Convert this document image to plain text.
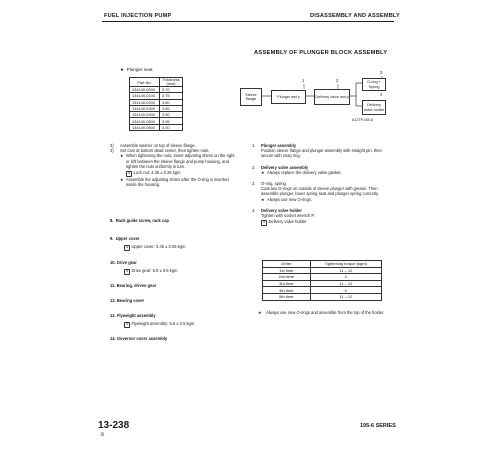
FUEL INJECTION PUMP	DISASSEMBLY AND ASSEMBLY
ASSEMBLY OF PLUNGER BLOCK ASSEMBLY
★  Plunger seat
Part No.	Thickness (mm)
134140-0000	3.70
134140-0100	3.75
134140-0200	3.80
134140-0300	3.85
134140-0400	3.90
134140-0500	3.95
134140-0600	4.00
Sleeve flange
Plunger ass'y	Delivery valve ass'y
O-ring + Spring
Delivery valve holder
1	2
3
4
612TP138-6
3)	Assemble washer on top of sleeve flange.
4)	Set cam at bottom dead center, then tighten nuts.
★ When tightening the nuts, insert adjusting shims on the right or left between the sleeve flange and pump housing, and tighten the nuts uniformly in turn.
⚙ Lock nut: 4.25 ± 0.25 kgm
★ Assemble the adjusting shims after the O-ring is inserted inside the housing.
8. Rack guide screw, rack cap
9. Upper cover
⚙ Upper cover: 0.45 ± 0.05 kgm
10. Drive gear
⚙ Drive gear: 5.5 ± 0.5 kgm
11. Bearing, driven gear
12. Bearing cover
13. Flyweight assembly
⚙ Flyweight assembly: 5.5 ± 0.5 kgm
14. Governor cover assembly
1.	Plunger assembly
Position sleeve flange and plunger assembly with straight pin, then secure with snap ring.
2.	Delivery valve assembly
★ Always replace the delivery valve gasket.
3.	O-ring, spring
Coat two O-rings on outside of sleeve plunger with grease. Then assemble plunger, lower spring seat and plunger spring correctly.
★ Always use new O-rings.
4.	Delivery valve holder
Tighten with socket wrench P.
⚙ Delivery valve holder
Order	Tightening torque (kgm)
1st time	11 – 12
2nd time	0
3rd time	11 – 12
4th time	0
5th time	11 – 12
★	Always use new O-rings and assemble from the top of the holder.
13-238
③
195-6 SERIES
